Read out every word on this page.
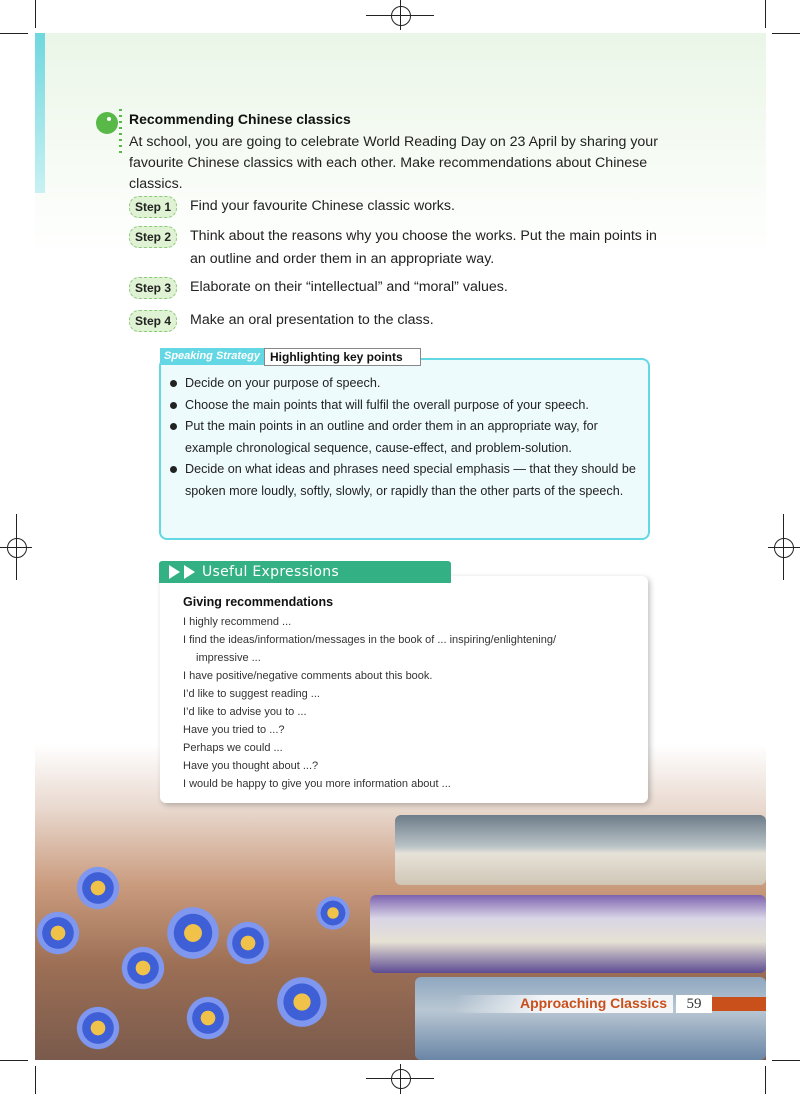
Recommending Chinese classics
At school, you are going to celebrate World Reading Day on 23 April by sharing your favourite Chinese classics with each other. Make recommendations about Chinese classics.
Step 1	Find your favourite Chinese classic works.
Step 2	Think about the reasons why you choose the works. Put the main points in an outline and order them in an appropriate way.
Step 3	Elaborate on their “intellectual” and “moral” values.
Step 4	Make an oral presentation to the class.
Speaking Strategy Highlighting key points
Decide on your purpose of speech.
Choose the main points that will fulfil the overall purpose of your speech.
Put the main points in an outline and order them in an appropriate way, for example chronological sequence, cause-effect, and problem-solution.
Decide on what ideas and phrases need special emphasis — that they should be spoken more loudly, softly, slowly, or rapidly than the other parts of the speech.
Useful Expressions
Giving recommendations
I highly recommend ...
I find the ideas/information/messages in the book of ... inspiring/enlightening/
impressive ...
I have positive/negative comments about this book.
I’d like to suggest reading ...
I’d like to advise you to ...
Have you tried to ...?
Perhaps we could ...
Have you thought about ...?
I would be happy to give you more information about ...
Approaching Classics	59
